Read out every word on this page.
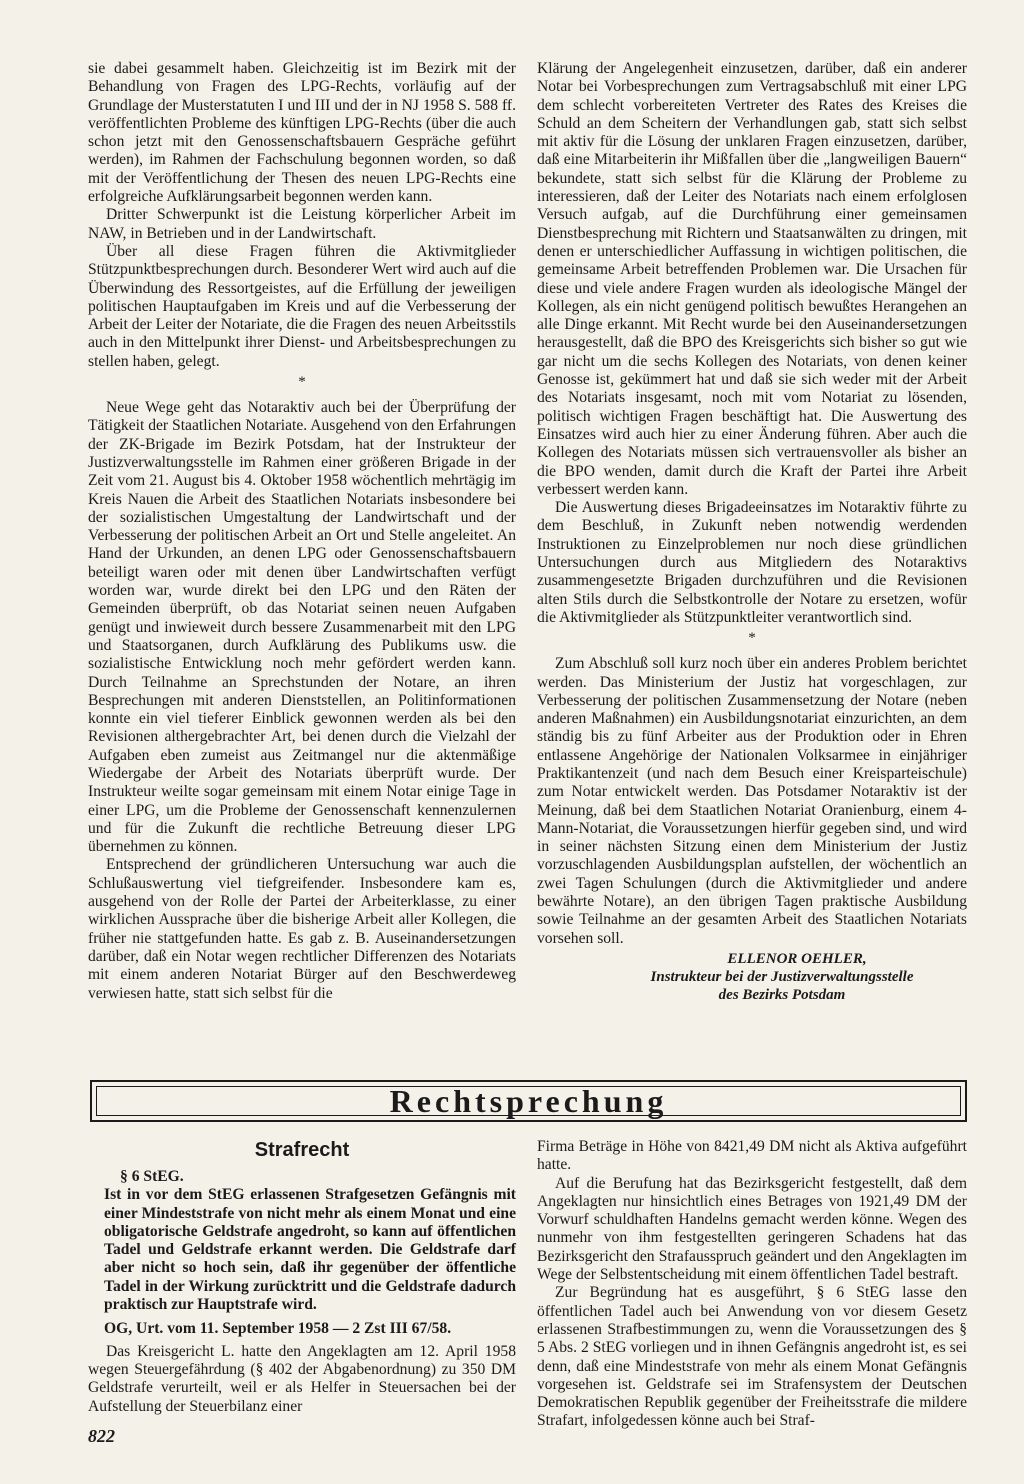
sie dabei gesammelt haben. Gleichzeitig ist im Bezirk mit der Behandlung von Fragen des LPG-Rechts, vorläufig auf der Grundlage der Musterstatuten I und III und der in NJ 1958 S. 588 ff. veröffentlichten Probleme des künftigen LPG-Rechts (über die auch schon jetzt mit den Genossenschaftsbauern Gespräche geführt werden), im Rahmen der Fachschulung begonnen worden, so daß mit der Veröffentlichung der Thesen des neuen LPG-Rechts eine erfolgreiche Aufklärungsarbeit begonnen werden kann.

Dritter Schwerpunkt ist die Leistung körperlicher Arbeit im NAW, in Betrieben und in der Landwirtschaft.

Über all diese Fragen führen die Aktivmitglieder Stützpunktbesprechungen durch. Besonderer Wert wird auch auf die Überwindung des Ressortgeistes, auf die Erfüllung der jeweiligen politischen Hauptaufgaben im Kreis und auf die Verbesserung der Arbeit der Leiter der Notariate, die die Fragen des neuen Arbeitsstils auch in den Mittelpunkt ihrer Dienst- und Arbeitsbesprechungen zu stellen haben, gelegt.

*

Neue Wege geht das Notaraktiv auch bei der Überprüfung der Tätigkeit der Staatlichen Notariate. Ausgehend von den Erfahrungen der ZK-Brigade im Bezirk Potsdam, hat der Instrukteur der Justizverwaltungsstelle im Rahmen einer größeren Brigade in der Zeit vom 21. August bis 4. Oktober 1958 wöchentlich mehrtägig im Kreis Nauen die Arbeit des Staatlichen Notariats insbesondere bei der sozialistischen Umgestaltung der Landwirtschaft und der Verbesserung der politischen Arbeit an Ort und Stelle angeleitet. An Hand der Urkunden, an denen LPG oder Genossenschaftsbauern beteiligt waren oder mit denen über Landwirtschaften verfügt worden war, wurde direkt bei den LPG und den Räten der Gemeinden überprüft, ob das Notariat seinen neuen Aufgaben genügt und inwieweit durch bessere Zusammenarbeit mit den LPG und Staatsorganen, durch Aufklärung des Publikums usw. die sozialistische Entwicklung noch mehr gefördert werden kann. Durch Teilnahme an Sprechstunden der Notare, an ihren Besprechungen mit anderen Dienststellen, an Politinformationen konnte ein viel tieferer Einblick gewonnen werden als bei den Revisionen althergebrachter Art, bei denen durch die Vielzahl der Aufgaben eben zumeist aus Zeitmangel nur die aktenmäßige Wiedergabe der Arbeit des Notariats überprüft wurde. Der Instrukteur weilte sogar gemeinsam mit einem Notar einige Tage in einer LPG, um die Probleme der Genossenschaft kennenzulernen und für die Zukunft die rechtliche Betreuung dieser LPG übernehmen zu können.

Entsprechend der gründlicheren Untersuchung war auch die Schlußauswertung viel tiefgreifender. Insbesondere kam es, ausgehend von der Rolle der Partei der Arbeiterklasse, zu einer wirklichen Aussprache über die bisherige Arbeit aller Kollegen, die früher nie stattgefunden hatte. Es gab z. B. Auseinandersetzungen darüber, daß ein Notar wegen rechtlicher Differenzen des Notariats mit einem anderen Notariat Bürger auf den Beschwerdeweg verwiesen hatte, statt sich selbst für die

Klärung der Angelegenheit einzusetzen, darüber, daß ein anderer Notar bei Vorbesprechungen zum Vertragsabschluß mit einer LPG dem schlecht vorbereiteten Vertreter des Rates des Kreises die Schuld an dem Scheitern der Verhandlungen gab, statt sich selbst mit aktiv für die Lösung der unklaren Fragen einzusetzen, darüber, daß eine Mitarbeiterin ihr Mißfallen über die „langweiligen Bauern“ bekundete, statt sich selbst für die Klärung der Probleme zu interessieren, daß der Leiter des Notariats nach einem erfolglosen Versuch aufgab, auf die Durchführung einer gemeinsamen Dienstbesprechung mit Richtern und Staatsanwälten zu dringen, mit denen er unterschiedlicher Auffassung in wichtigen politischen, die gemeinsame Arbeit betreffenden Problemen war. Die Ursachen für diese und viele andere Fragen wurden als ideologische Mängel der Kollegen, als ein nicht genügend politisch bewußtes Herangehen an alle Dinge erkannt. Mit Recht wurde bei den Auseinandersetzungen herausgestellt, daß die BPO des Kreisgerichts sich bisher so gut wie gar nicht um die sechs Kollegen des Notariats, von denen keiner Genosse ist, gekümmert hat und daß sie sich weder mit der Arbeit des Notariats insgesamt, noch mit vom Notariat zu lösenden, politisch wichtigen Fragen beschäftigt hat. Die Auswertung des Einsatzes wird auch hier zu einer Änderung führen. Aber auch die Kollegen des Notariats müssen sich vertrauensvoller als bisher an die BPO wenden, damit durch die Kraft der Partei ihre Arbeit verbessert werden kann.

Die Auswertung dieses Brigadeeinsatzes im Notaraktiv führte zu dem Beschluß, in Zukunft neben notwendig werdenden Instruktionen zu Einzelproblemen nur noch diese gründlichen Untersuchungen durch aus Mitgliedern des Notaraktivs zusammengesetzte Brigaden durchzuführen und die Revisionen alten Stils durch die Selbstkontrolle der Notare zu ersetzen, wofür die Aktivmitglieder als Stützpunktleiter verantwortlich sind.

*

Zum Abschluß soll kurz noch über ein anderes Problem berichtet werden. Das Ministerium der Justiz hat vorgeschlagen, zur Verbesserung der politischen Zusammensetzung der Notare (neben anderen Maßnahmen) ein Ausbildungsnotariat einzurichten, an dem ständig bis zu fünf Arbeiter aus der Produktion oder in Ehren entlassene Angehörige der Nationalen Volksarmee in einjähriger Praktikantenzeit (und nach dem Besuch einer Kreisparteischule) zum Notar entwickelt werden. Das Potsdamer Notaraktiv ist der Meinung, daß bei dem Staatlichen Notariat Oranienburg, einem 4-Mann-Notariat, die Voraussetzungen hierfür gegeben sind, und wird in seiner nächsten Sitzung einen dem Ministerium der Justiz vorzuschlagenden Ausbildungsplan aufstellen, der wöchentlich an zwei Tagen Schulungen (durch die Aktivmitglieder und andere bewährte Notare), an den übrigen Tagen praktische Ausbildung sowie Teilnahme an der gesamten Arbeit des Staatlichen Notariats vorsehen soll.

ELLENOR OEHLER,
Instrukteur bei der Justizverwaltungsstelle
des Bezirks Potsdam
Rechtsprechung
Strafrecht
§ 6 StEG.
Ist in vor dem StEG erlassenen Strafgesetzen Gefängnis mit einer Mindeststrafe von nicht mehr als einem Monat und eine obligatorische Geldstrafe angedroht, so kann auf öffentlichen Tadel und Geldstrafe erkannt werden. Die Geldstrafe darf aber nicht so hoch sein, daß ihr gegenüber der öffentliche Tadel in der Wirkung zurücktritt und die Geldstrafe dadurch praktisch zur Hauptstrafe wird.
OG, Urt. vom 11. September 1958 — 2 Zst III 67/58.

Das Kreisgericht L. hatte den Angeklagten am 12. April 1958 wegen Steuergefährdung (§ 402 der Abgabenordnung) zu 350 DM Geldstrafe verurteilt, weil er als Helfer in Steuersachen bei der Aufstellung der Steuerbilanz einer

Firma Beträge in Höhe von 8421,49 DM nicht als Aktiva aufgeführt hatte.

Auf die Berufung hat das Bezirksgericht festgestellt, daß dem Angeklagten nur hinsichtlich eines Betrages von 1921,49 DM der Vorwurf schuldhaften Handelns gemacht werden könne. Wegen des nunmehr von ihm festgestellten geringeren Schadens hat das Bezirksgericht den Strafausspruch geändert und den Angeklagten im Wege der Selbstentscheidung mit einem öffentlichen Tadel bestraft.

Zur Begründung hat es ausgeführt, § 6 StEG lasse den öffentlichen Tadel auch bei Anwendung von vor diesem Gesetz erlassenen Strafbestimmungen zu, wenn die Voraussetzungen des § 5 Abs. 2 StEG vorliegen und in ihnen Gefängnis angedroht ist, es sei denn, daß eine Mindeststrafe von mehr als einem Monat Gefängnis vorgesehen ist. Geldstrafe sei im Strafensystem der Deutschen Demokratischen Republik gegenüber der Freiheitsstrafe die mildere Strafart, infolgedessen könne auch bei Straf-

822
